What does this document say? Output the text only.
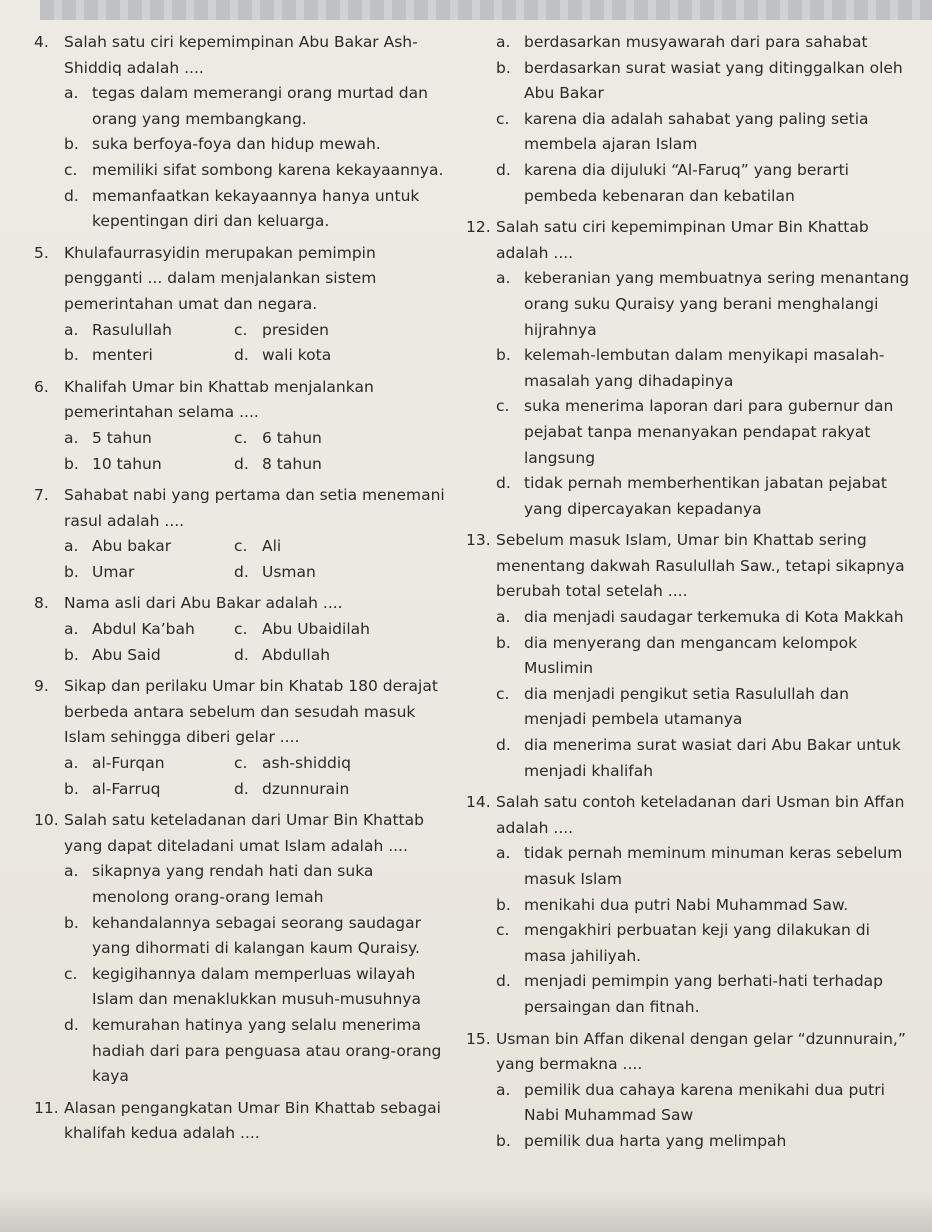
4. Salah satu ciri kepemimpinan Abu Bakar Ash-Shiddiq adalah ....
a. tegas dalam memerangi orang murtad dan orang yang membangkang.
b. suka berfoya-foya dan hidup mewah.
c. memiliki sifat sombong karena kekayaannya.
d. memanfaatkan kekayaannya hanya untuk kepentingan diri dan keluarga.
5. Khulafaurrasyidin merupakan pemimpin pengganti ... dalam menjalankan sistem pemerintahan umat dan negara.
a. Rasulullah	c. presiden
b. menteri	d. wali kota
6. Khalifah Umar bin Khattab menjalankan pemerintahan selama ....
a. 5 tahun	c. 6 tahun
b. 10 tahun	d. 8 tahun
7. Sahabat nabi yang pertama dan setia menemani rasul adalah ....
a. Abu bakar	c. Ali
b. Umar	d. Usman
8. Nama asli dari Abu Bakar adalah ....
a. Abdul Ka’bah	c. Abu Ubaidilah
b. Abu Said	d. Abdullah
9. Sikap dan perilaku Umar bin Khatab 180 derajat berbeda antara sebelum dan sesudah masuk Islam sehingga diberi gelar ....
a. al-Furqan	c. ash-shiddiq
b. al-Farruq	d. dzunnurain
10. Salah satu keteladanan dari Umar Bin Khattab yang dapat diteladani umat Islam adalah ....
a. sikapnya yang rendah hati dan suka menolong orang-orang lemah
b. kehandalannya sebagai seorang saudagar yang dihormati di kalangan kaum Quraisy.
c. kegigihannya dalam memperluas wilayah Islam dan menaklukkan musuh-musuhnya
d. kemurahan hatinya yang selalu menerima hadiah dari para penguasa atau orang-orang kaya
11. Alasan pengangkatan Umar Bin Khattab sebagai khalifah kedua adalah ....
a. berdasarkan musyawarah dari para sahabat
b. berdasarkan surat wasiat yang ditinggalkan oleh Abu Bakar
c. karena dia adalah sahabat yang paling setia membela ajaran Islam
d. karena dia dijuluki “Al-Faruq” yang berarti pembeda kebenaran dan kebatilan
12. Salah satu ciri kepemimpinan Umar Bin Khattab adalah ....
a. keberanian yang membuatnya sering menantang orang suku Quraisy yang berani menghalangi hijrahnya
b. kelemah-lembutan dalam menyikapi masalah-masalah yang dihadapinya
c. suka menerima laporan dari para gubernur dan pejabat tanpa menanyakan pendapat rakyat langsung
d. tidak pernah memberhentikan jabatan pejabat yang dipercayakan kepadanya
13. Sebelum masuk Islam, Umar bin Khattab sering menentang dakwah Rasulullah Saw., tetapi sikapnya berubah total setelah ....
a. dia menjadi saudagar terkemuka di Kota Makkah
b. dia menyerang dan mengancam kelompok Muslimin
c. dia menjadi pengikut setia Rasulullah dan menjadi pembela utamanya
d. dia menerima surat wasiat dari Abu Bakar untuk menjadi khalifah
14. Salah satu contoh keteladanan dari Usman bin Affan adalah ....
a. tidak pernah meminum minuman keras sebelum masuk Islam
b. menikahi dua putri Nabi Muhammad Saw.
c. mengakhiri perbuatan keji yang dilakukan di masa jahiliyah.
d. menjadi pemimpin yang berhati-hati terhadap persaingan dan fitnah.
15. Usman bin Affan dikenal dengan gelar “dzunnurain,” yang bermakna ....
a. pemilik dua cahaya karena menikahi dua putri Nabi Muhammad Saw
b. pemilik dua harta yang melimpah
